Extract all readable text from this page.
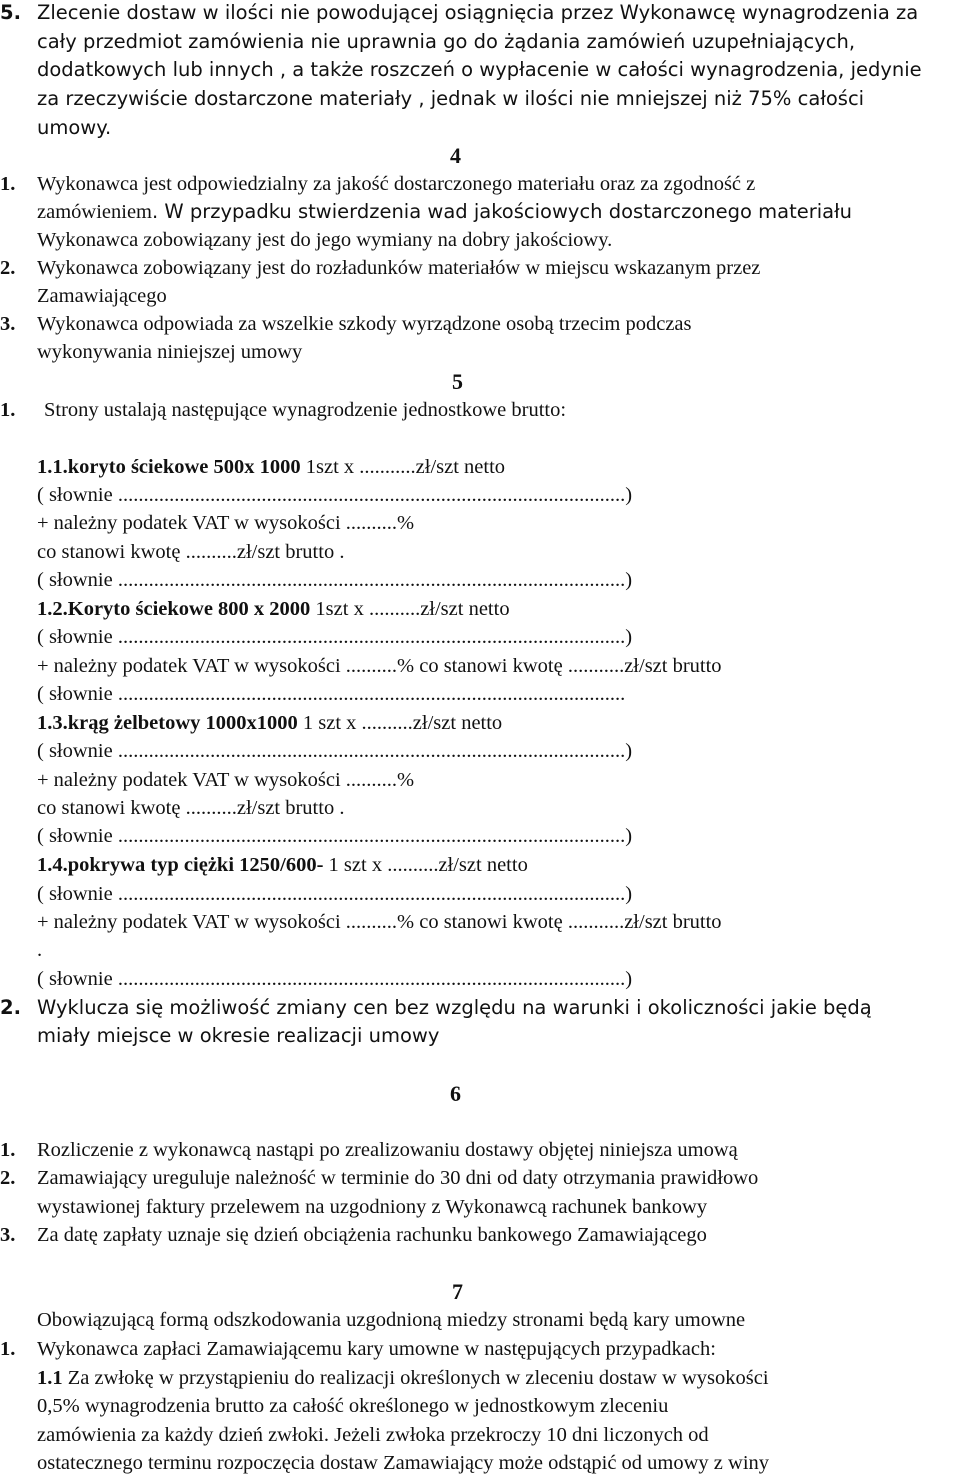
5. Zlecenie dostaw w ilości nie powodującej osiągnięcia przez Wykonawcę wynagrodzenia za
cały przedmiot zamówienia nie uprawnia go do żądania zamówień uzupełniających,
dodatkowych lub innych , a także roszczeń o wypłacenie w całości wynagrodzenia, jedynie
za rzeczywiście dostarczone materiały , jednak w ilości nie mniejszej niż 75% całości
umowy.
4
1. Wykonawca jest odpowiedzialny za jakość dostarczonego materiału oraz za zgodność z
zamówieniem. W przypadku stwierdzenia wad jakościowych dostarczonego materiału
Wykonawca zobowiązany jest do jego wymiany na dobry jakościowy.
2. Wykonawca zobowiązany jest do rozładunków materiałów w miejscu wskazanym przez
Zamawiającego
3. Wykonawca odpowiada za wszelkie szkody wyrządzone osobą trzecim podczas
wykonywania niniejszej umowy
5
1. Strony ustalają następujące wynagrodzenie jednostkowe brutto:
1.1.koryto ściekowe 500x 1000 1szt x ...........zł/szt netto
( słownie ...................................................................................................)
+ należny podatek VAT w wysokości ..........%
co stanowi kwotę ..........zł/szt brutto .
( słownie ...................................................................................................)
1.2.Koryto ściekowe 800 x 2000 1szt x ..........zł/szt netto
( słownie ...................................................................................................)
+ należny podatek VAT w wysokości ..........% co stanowi kwotę ...........zł/szt brutto
( słownie ...................................................................................................
1.3.krąg żelbetowy 1000x1000 1 szt x ..........zł/szt netto
( słownie ...................................................................................................)
+ należny podatek VAT w wysokości ..........%
co stanowi kwotę ..........zł/szt brutto .
( słownie ...................................................................................................)
1.4.pokrywa typ ciężki 1250/600- 1 szt x ..........zł/szt netto
( słownie ...................................................................................................)
+ należny podatek VAT w wysokości ..........% co stanowi kwotę ...........zł/szt brutto
.
( słownie ...................................................................................................)
2. Wyklucza się możliwość zmiany cen bez względu na warunki i okoliczności jakie będą
miały miejsce w okresie realizacji umowy
6
1. Rozliczenie z wykonawcą nastąpi po zrealizowaniu dostawy objętej niniejsza umową
2. Zamawiający ureguluje należność w terminie do 30 dni od daty otrzymania prawidłowo
wystawionej faktury przelewem na uzgodniony z Wykonawcą rachunek bankowy
3. Za datę zapłaty uznaje się dzień obciążenia rachunku bankowego Zamawiającego
7
Obowiązującą formą odszkodowania uzgodnioną miedzy stronami będą kary umowne
1. Wykonawca zapłaci Zamawiającemu kary umowne w następujących przypadkach:
1.1 Za zwłokę w przystąpieniu do realizacji określonych w zleceniu dostaw w wysokości
0,5% wynagrodzenia brutto za całość określonego w jednostkowym zleceniu
zamówienia za każdy dzień zwłoki. Jeżeli zwłoka przekroczy 10 dni liczonych od
ostatecznego terminu rozpoczęcia dostaw Zamawiający może odstąpić od umowy z winy
